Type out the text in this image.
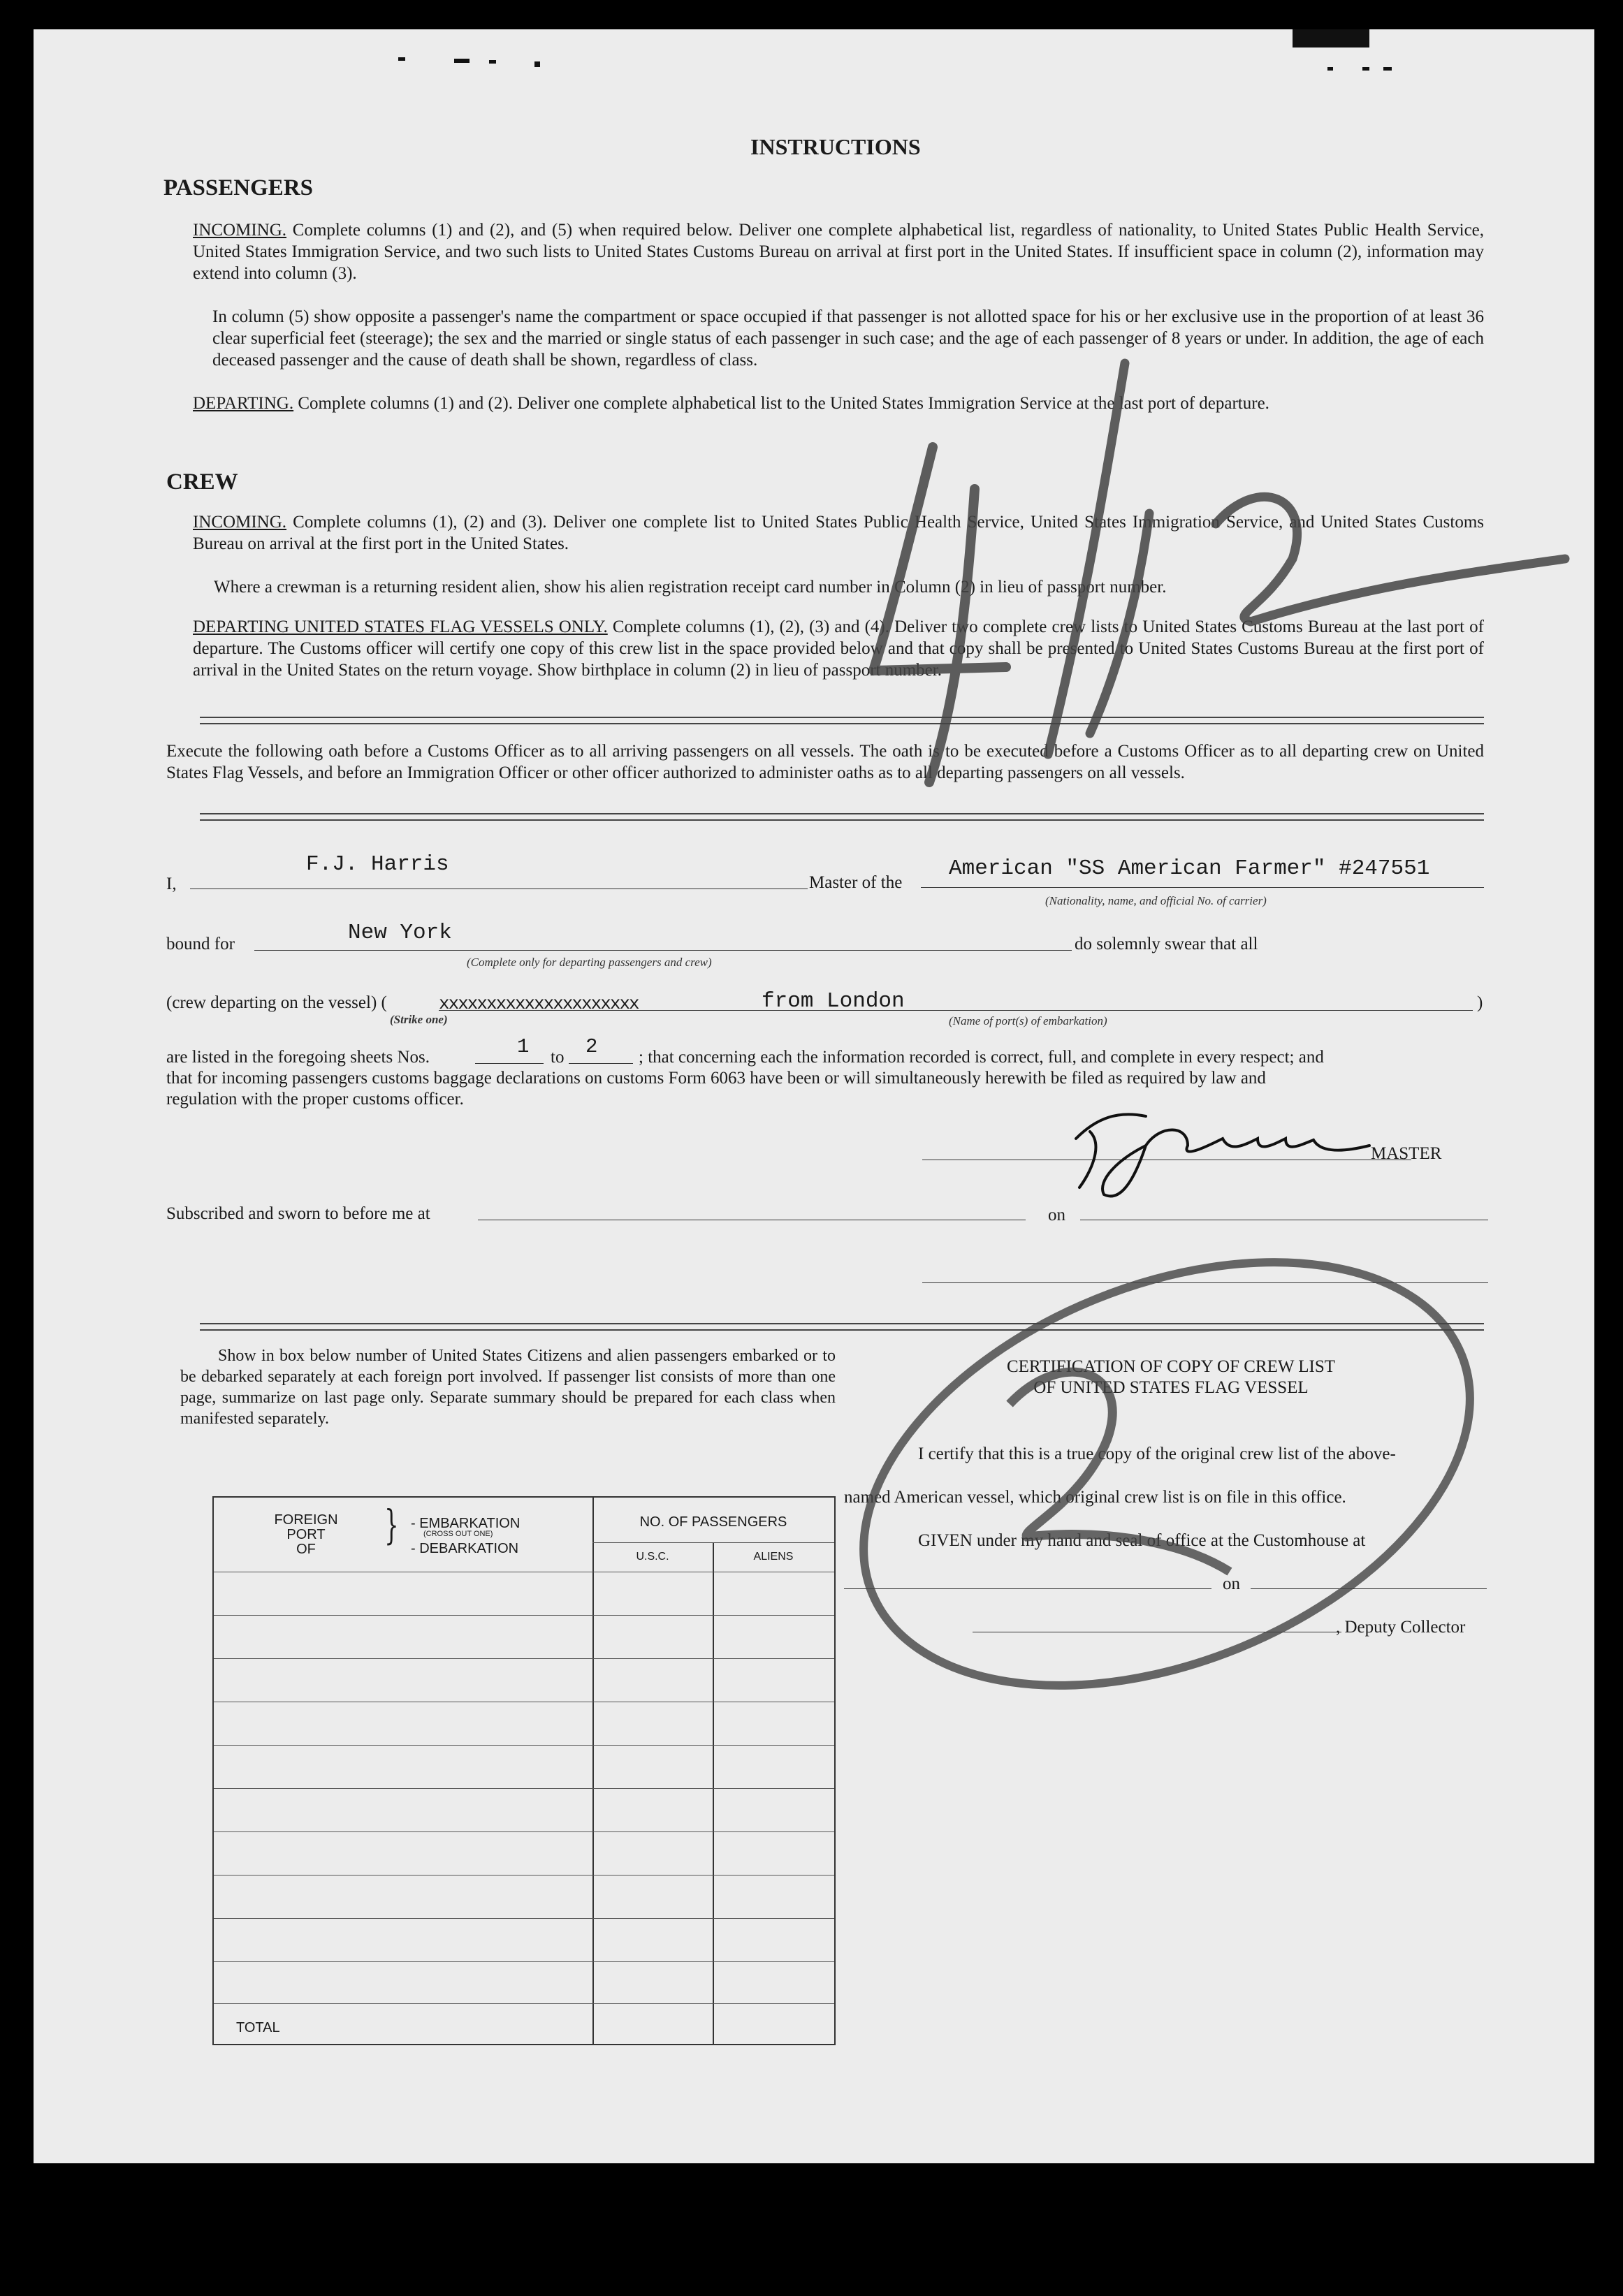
INSTRUCTIONS
PASSENGERS
INCOMING. Complete columns (1) and (2), and (5) when required below. Deliver one complete alphabetical list, regardless of nationality, to United States Public Health Service, United States Immigration Service, and two such lists to United States Customs Bureau on arrival at first port in the United States. If insufficient space in column (2), information may extend into column (3).
In column (5) show opposite a passenger's name the compartment or space occupied if that passenger is not allotted space for his or her exclusive use in the proportion of at least 36 clear superficial feet (steerage); the sex and the married or single status of each passenger in such case; and the age of each passenger of 8 years or under. In addition, the age of each deceased passenger and the cause of death shall be shown, regardless of class.
DEPARTING. Complete columns (1) and (2). Deliver one complete alphabetical list to the United States Immigration Service at the last port of departure.
CREW
INCOMING. Complete columns (1), (2) and (3). Deliver one complete list to United States Public Health Service, United States Immigration Service, and United States Customs Bureau on arrival at the first port in the United States.
Where a crewman is a returning resident alien, show his alien registration receipt card number in Column (2) in lieu of passport number.
DEPARTING UNITED STATES FLAG VESSELS ONLY. Complete columns (1), (2), (3) and (4). Deliver two complete crew lists to United States Customs Bureau at the last port of departure. The Customs officer will certify one copy of this crew list in the space provided below and that copy shall be presented to United States Customs Bureau at the first port of arrival in the United States on the return voyage. Show birthplace in column (2) in lieu of passport number.
Execute the following oath before a Customs Officer as to all arriving passengers on all vessels. The oath is to be executed before a Customs Officer as to all departing crew on United States Flag Vessels, and before an Immigration Officer or other officer authorized to administer oaths as to all departing passengers on all vessels.
I,
F.J. Harris
Master of the
American "SS American Farmer" #247551
(Nationality, name, and official No. of carrier)
bound for	New York
(Complete only for departing passengers and crew)
do solemnly swear that all
(crew departing on the vessel) (	xxxxxxxxxxxxxxxxxxxxx
(Strike one)
from London
(Name of port(s) of embarkation)
)
are listed in the foregoing sheets Nos.	1 to 2 ; that concerning each the information recorded is correct, full, and complete in every respect; and
that for incoming passengers customs baggage declarations on customs Form 6063 have been or will simultaneously herewith be filed as required by law and
regulation with the proper customs officer.
MASTER
Subscribed and sworn to before me at	on
Show in box below number of United States Citizens and alien passengers embarked or to be debarked separately at each foreign port involved. If passenger list consists of more than one page, summarize on last page only. Separate summary should be prepared for each class when manifested separately.
FOREIGN
PORT
OF
} - EMBARKATION
(CROSS OUT ONE)
- DEBARKATION
NO. OF PASSENGERS
U.S.C.	ALIENS
TOTAL
CERTIFICATION OF COPY OF CREW LIST
OF UNITED STATES FLAG VESSEL
I certify that this is a true copy of the original crew list of the above-
named American vessel, which original crew list is on file in this office.
GIVEN under my hand and seal of office at the Customhouse at
on
, Deputy Collector
